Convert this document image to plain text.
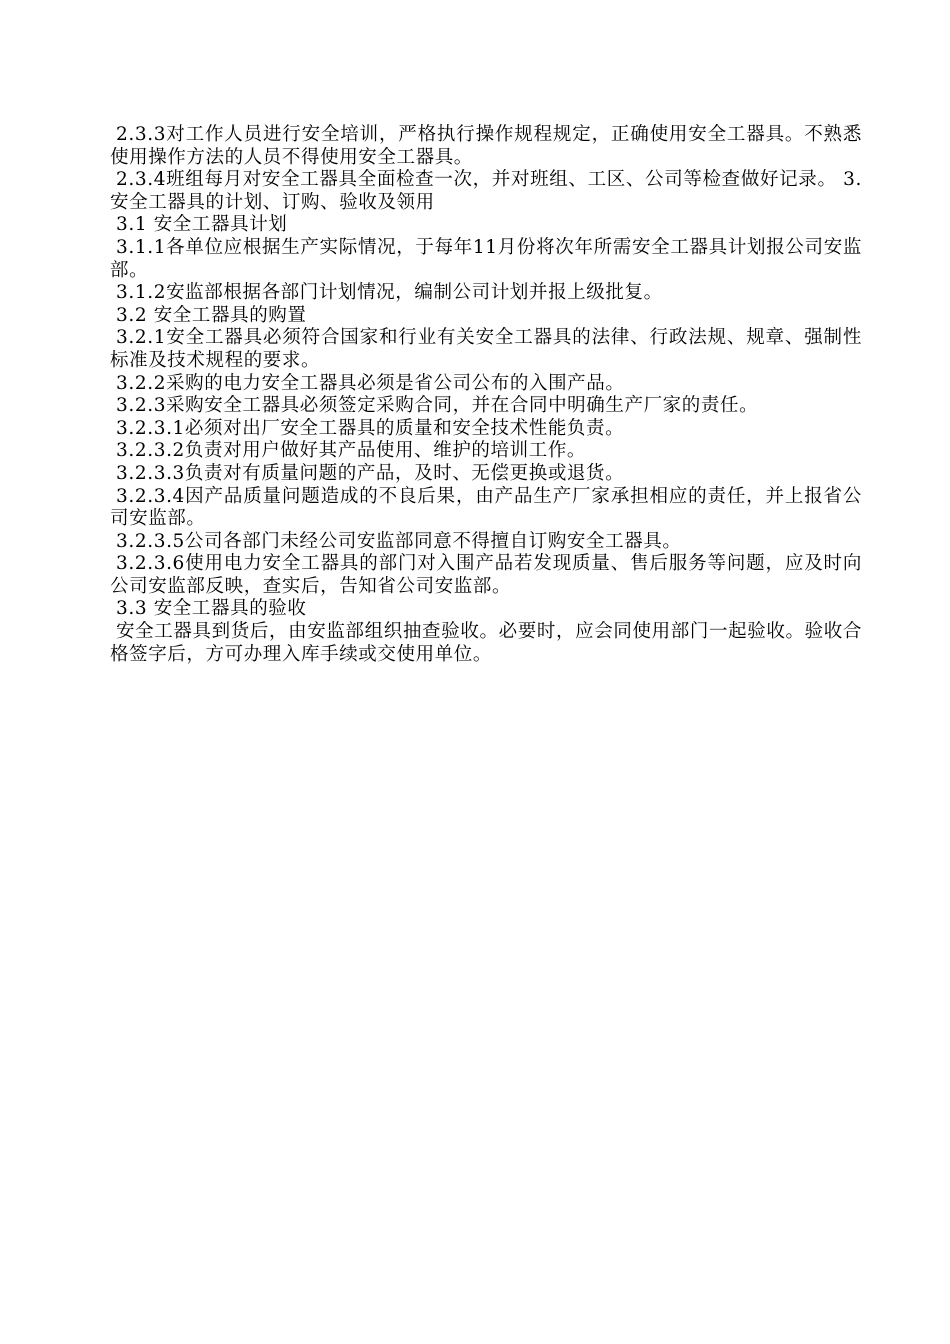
2.3.3对工作人员进行安全培训，严格执行操作规程规定，正确使用安全工器具。不熟悉使用操作方法的人员不得使用安全工器具。

2.3.4班组每月对安全工器具全面检查一次，并对班组、工区、公司等检查做好记录。 3. 安全工器具的计划、订购、验收及领用

3.1 安全工器具计划

3.1.1各单位应根据生产实际情况，于每年11月份将次年所需安全工器具计划报公司安监部。

3.1.2安监部根据各部门计划情况，编制公司计划并报上级批复。

3.2 安全工器具的购置

3.2.1安全工器具必须符合国家和行业有关安全工器具的法律、行政法规、规章、强制性标准及技术规程的要求。

3.2.2采购的电力安全工器具必须是省公司公布的入围产品。

3.2.3采购安全工器具必须签定采购合同，并在合同中明确生产厂家的责任。

3.2.3.1必须对出厂安全工器具的质量和安全技术性能负责。

3.2.3.2负责对用户做好其产品使用、维护的培训工作。

3.2.3.3负责对有质量问题的产品，及时、无偿更换或退货。

3.2.3.4因产品质量问题造成的不良后果，由产品生产厂家承担相应的责任，并上报省公司安监部。

3.2.3.5公司各部门未经公司安监部同意不得擅自订购安全工器具。

3.2.3.6使用电力安全工器具的部门对入围产品若发现质量、售后服务等问题，应及时向公司安监部反映，查实后，告知省公司安监部。

3.3 安全工器具的验收

安全工器具到货后，由安监部组织抽查验收。必要时，应会同使用部门一起验收。验收合格签字后，方可办理入库手续或交使用单位。
